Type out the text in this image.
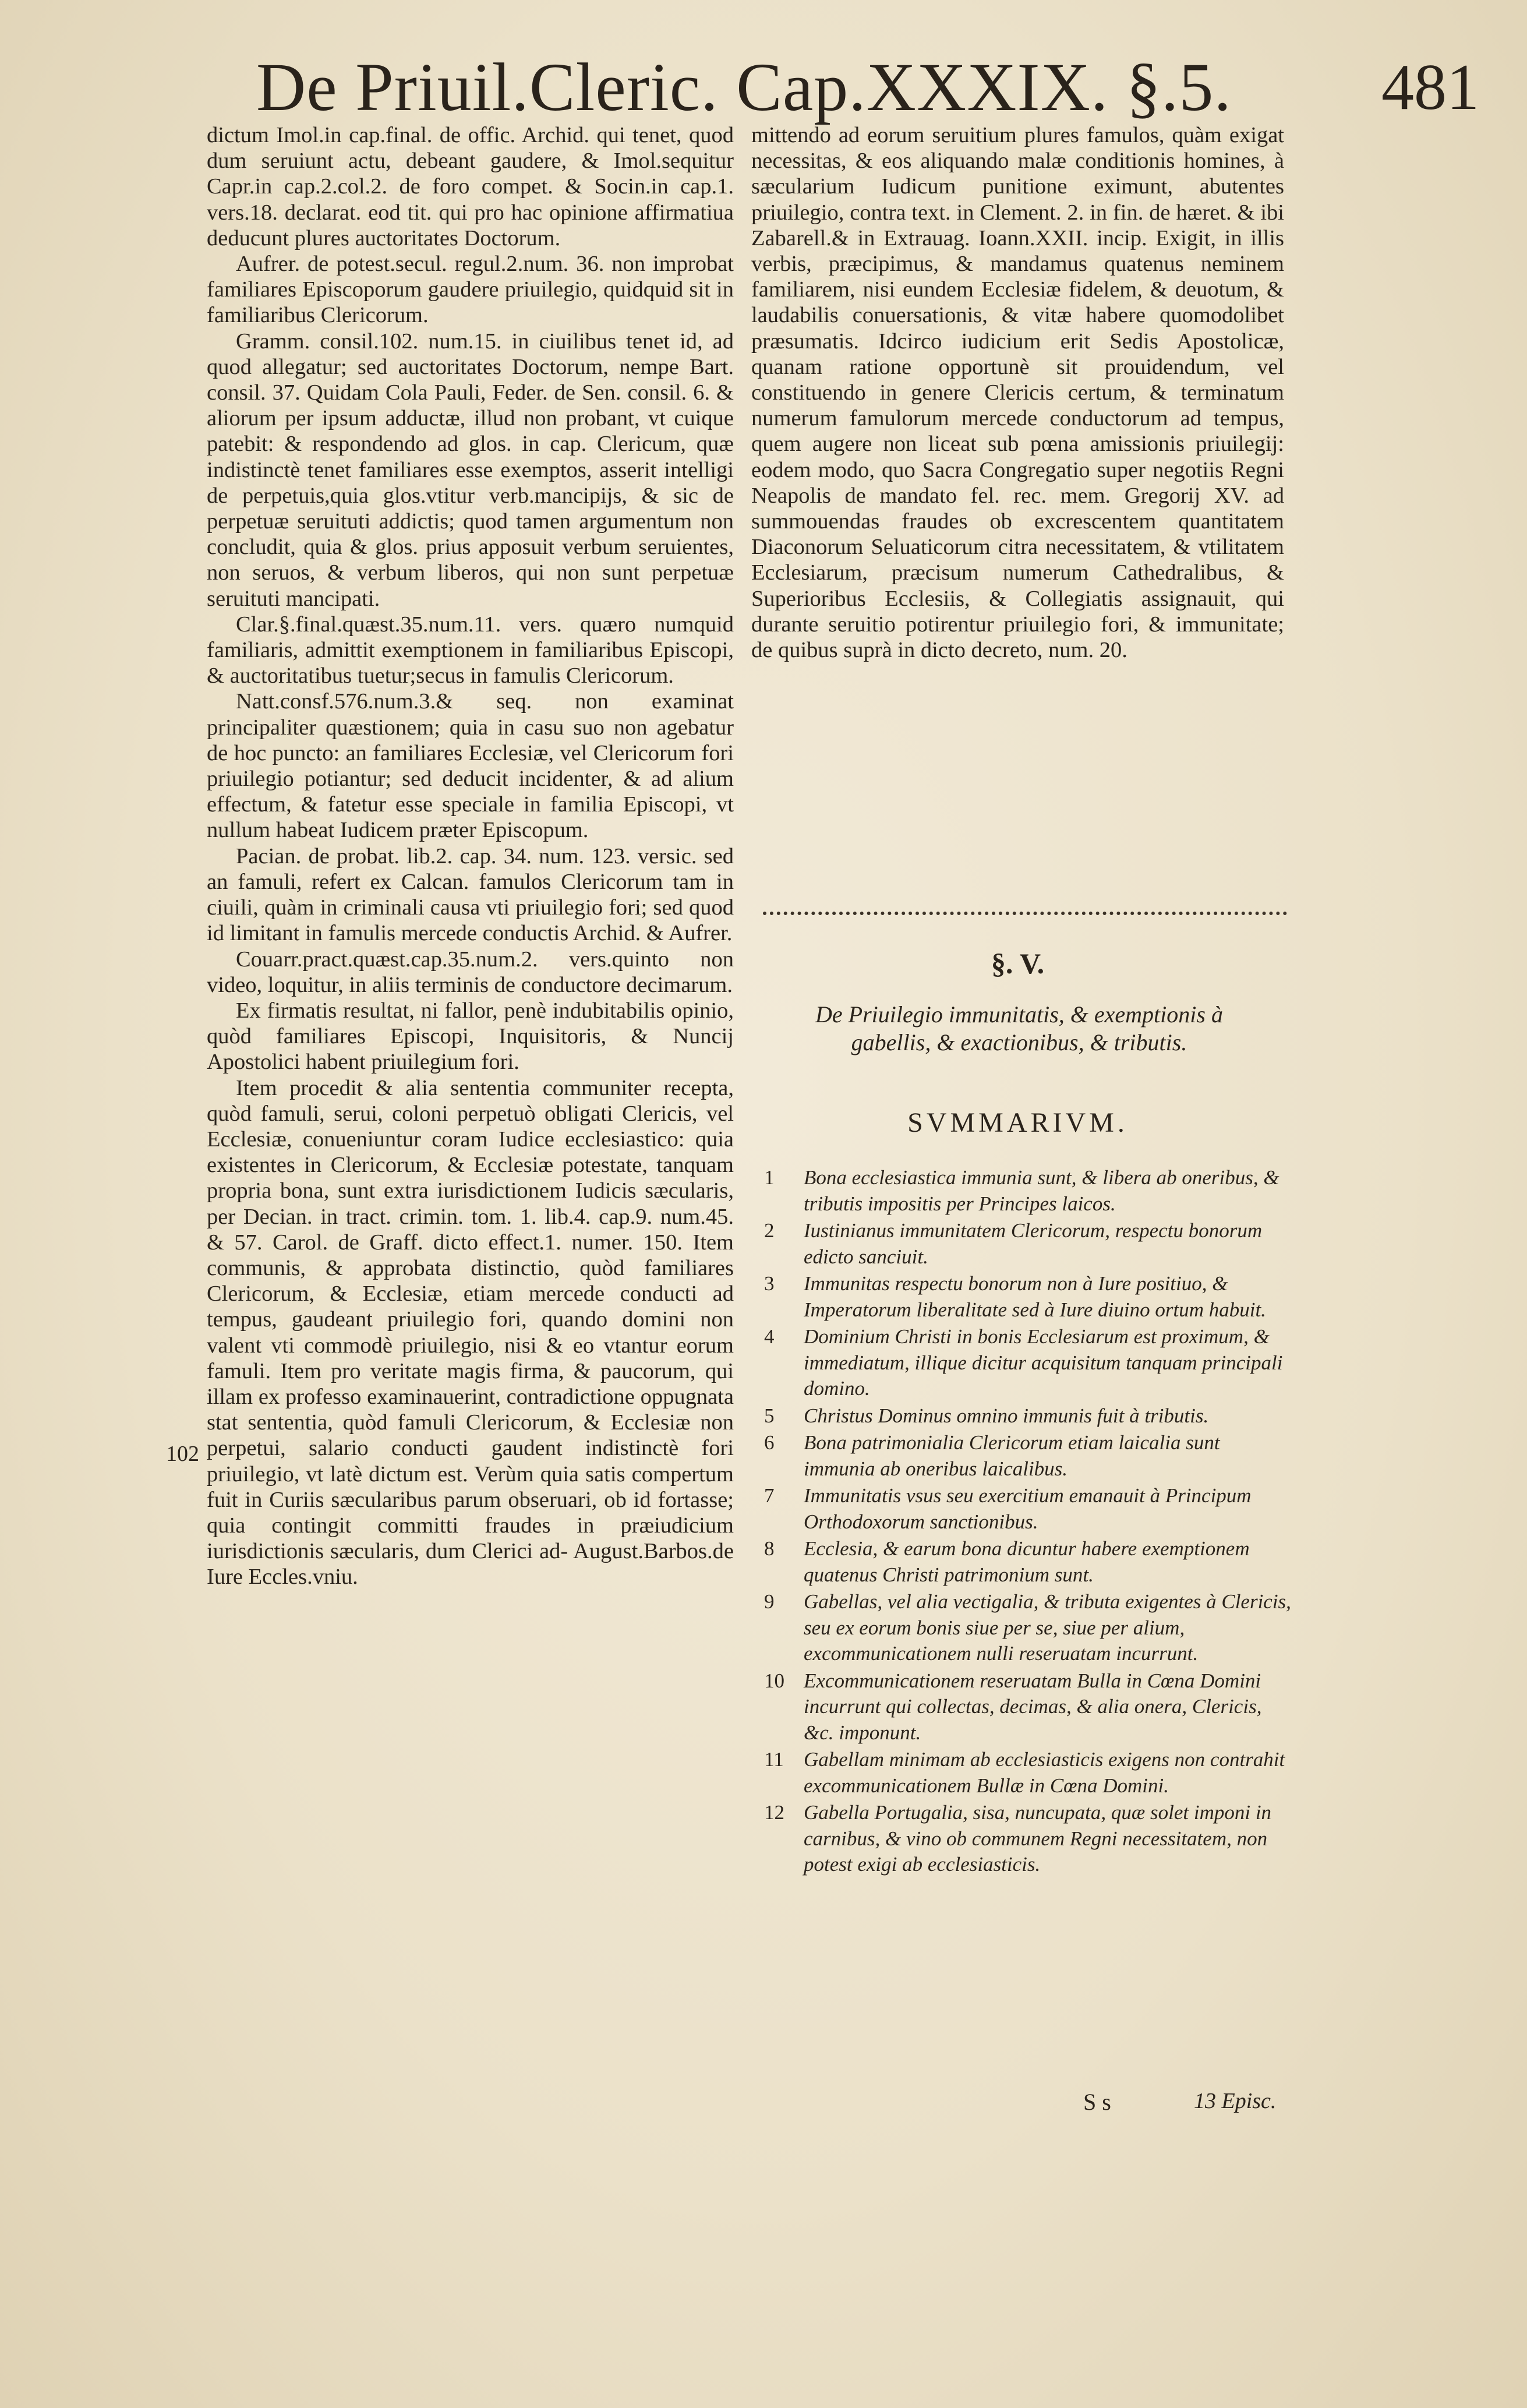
De Priuil.Cleric. Cap.XXXIX. §.5. 481

dictum Imol.in cap.final. de offic. Archid. qui tenet, quod dum seruiunt actu, debeant gaudere, & Imol.sequitur Capr.in cap.2.col.2. de foro compet. & Socin.in cap.1. vers.18. declarat. eod tit. qui pro hac opinione affirmatiua deducunt plures auctoritates Doctorum.

Aufrer. de potest.secul. regul.2.num. 36. non improbat familiares Episcoporum gaudere priuilegio, quidquid sit in familiaribus Clericorum.

Gramm. consil.102. num.15. in ciuilibus tenet id, ad quod allegatur; sed auctoritates Doctorum, nempe Bart. consil. 37. Quidam Cola Pauli, Feder. de Sen. consil. 6. & aliorum per ipsum adductæ, illud non probant, vt cuique patebit: & respondendo ad glos. in cap. Clericum, quæ indistinctè tenet familiares esse exemptos, asserit intelligi de perpetuis,quia glos.vtitur verb.mancipijs, & sic de perpetuæ seruituti addictis; quod tamen argumentum non concludit, quia & glos. prius apposuit verbum seruientes, non seruos, & verbum liberos, qui non sunt perpetuæ seruituti mancipati.

Clar.§.final.quæst.35.num.11. vers. quæro numquid familiaris, admittit exemptionem in familiaribus Episcopi, & auctoritatibus tuetur;secus in famulis Clericorum.

Natt.consf.576.num.3.& seq. non examinat principaliter quæstionem; quia in casu suo non agebatur de hoc puncto: an familiares Ecclesiæ, vel Clericorum fori priuilegio potiantur; sed deducit incidenter, & ad alium effectum, & fatetur esse speciale in familia Episcopi, vt nullum habeat Iudicem præter Episcopum.

Pacian. de probat. lib.2. cap. 34. num. 123. versic. sed an famuli, refert ex Calcan. famulos Clericorum tam in ciuili, quàm in criminali causa vti priuilegio fori; sed quod id limitant in famulis mercede conductis Archid. & Aufrer.

Couarr.pract.quæst.cap.35.num.2. vers.quinto non video, loquitur, in aliis terminis de conductore decimarum.

Ex firmatis resultat, ni fallor, penè indubitabilis opinio, quòd familiares Episcopi, Inquisitoris, & Nuncij Apostolici habent priuilegium fori.

Item procedit & alia sententia communiter recepta, quòd famuli, serui, coloni perpetuò obligati Clericis, vel Ecclesiæ, conueniuntur coram Iudice ecclesiastico: quia existentes in Clericorum, & Ecclesiæ potestate, tanquam propria bona, sunt extra iurisdictionem Iudicis sæcularis, per Decian. in tract. crimin. tom. 1. lib.4. cap.9. num.45. & 57. Carol. de Graff. dicto effect.1. numer. 150. Item communis, & approbata distinctio, quòd familiares Clericorum, & Ecclesiæ, etiam mercede conducti ad tempus, gaudeant priuilegio fori, quando domini non valent vti commodè priuilegio, nisi & eo vtantur eorum famuli. Item pro veritate magis firma, & paucorum, qui illam ex professo examinauerint, contradictione oppugnata stat sententia, quòd famuli Clericorum, & Ecclesiæ non perpetui, salario conducti gaudent indistinctè fori priuilegio, vt latè dictum est. Verùm quia satis compertum fuit in Curiis sæcularibus parum obseruari, ob id fortasse; quia contingit committi fraudes in præiudicium iurisdictionis sæcularis, dum Clerici ad- August.Barbos.de Iure Eccles.vniu.

102

mittendo ad eorum seruitium plures famulos, quàm exigat necessitas, & eos aliquando malæ conditionis homines, à sæcularium Iudicum punitione eximunt, abutentes priuilegio, contra text. in Clement. 2. in fin. de hæret. & ibi Zabarell.& in Extrauag. Ioann.XXII. incip. Exigit, in illis verbis, præcipimus, & mandamus quatenus neminem familiarem, nisi eundem Ecclesiæ fidelem, & deuotum, & laudabilis conuersationis, & vitæ habere quomodolibet præsumatis. Idcirco iudicium erit Sedis Apostolicæ, quanam ratione opportunè sit prouidendum, vel constituendo in genere Clericis certum, & terminatum numerum famulorum mercede conductorum ad tempus, quem augere non liceat sub pœna amissionis priuilegij: eodem modo, quo Sacra Congregatio super negotiis Regni Neapolis de mandato fel. rec. mem. Gregorij XV. ad summouendas fraudes ob excrescentem quantitatem Diaconorum Seluaticorum citra necessitatem, & vtilitatem Ecclesiarum, præcisum numerum Cathedralibus, & Superioribus Ecclesiis, & Collegiatis assignauit, qui durante seruitio potirentur priuilegio fori, & immunitate; de quibus suprà in dicto decreto, num. 20.

§. V.
De Priuilegio immunitatis, & exemptionis à gabellis, & exactionibus, & tributis.
SVMMARIVM.
1 Bona ecclesiastica immunia sunt, & libera ab oneribus, & tributis impositis per Principes laicos.
2 Iustinianus immunitatem Clericorum, respectu bonorum edicto sanciuit.
3 Immunitas respectu bonorum non à Iure positiuo, & Imperatorum liberalitate sed à Iure diuino ortum habuit.
4 Dominium Christi in bonis Ecclesiarum est proximum, & immediatum, illique dicitur acquisitum tanquam principali domino.
5 Christus Dominus omnino immunis fuit à tributis.
6 Bona patrimonialia Clericorum etiam laicalia sunt immunia ab oneribus laicalibus.
7 Immunitatis vsus seu exercitium emanauit à Principum Orthodoxorum sanctionibus.
8 Ecclesia, & earum bona dicuntur habere exemptionem quatenus Christi patrimonium sunt.
9 Gabellas, vel alia vectigalia, & tributa exigentes à Clericis, seu ex eorum bonis siue per se, siue per alium, excommunicationem nulli reseruatam incurrunt.
10 Excommunicationem reseruatam Bulla in Cœna Domini incurrunt qui collectas, decimas, & alia onera, Clericis, &c. imponunt.
11 Gabellam minimam ab ecclesiasticis exigens non contrahit excommunicationem Bullæ in Cœna Domini.
12 Gabella Portugalia, sisa, nuncupata, quæ solet imponi in carnibus, & vino ob communem Regni necessitatem, non potest exigi ab ecclesiasticis.
S s	13 Episc.
